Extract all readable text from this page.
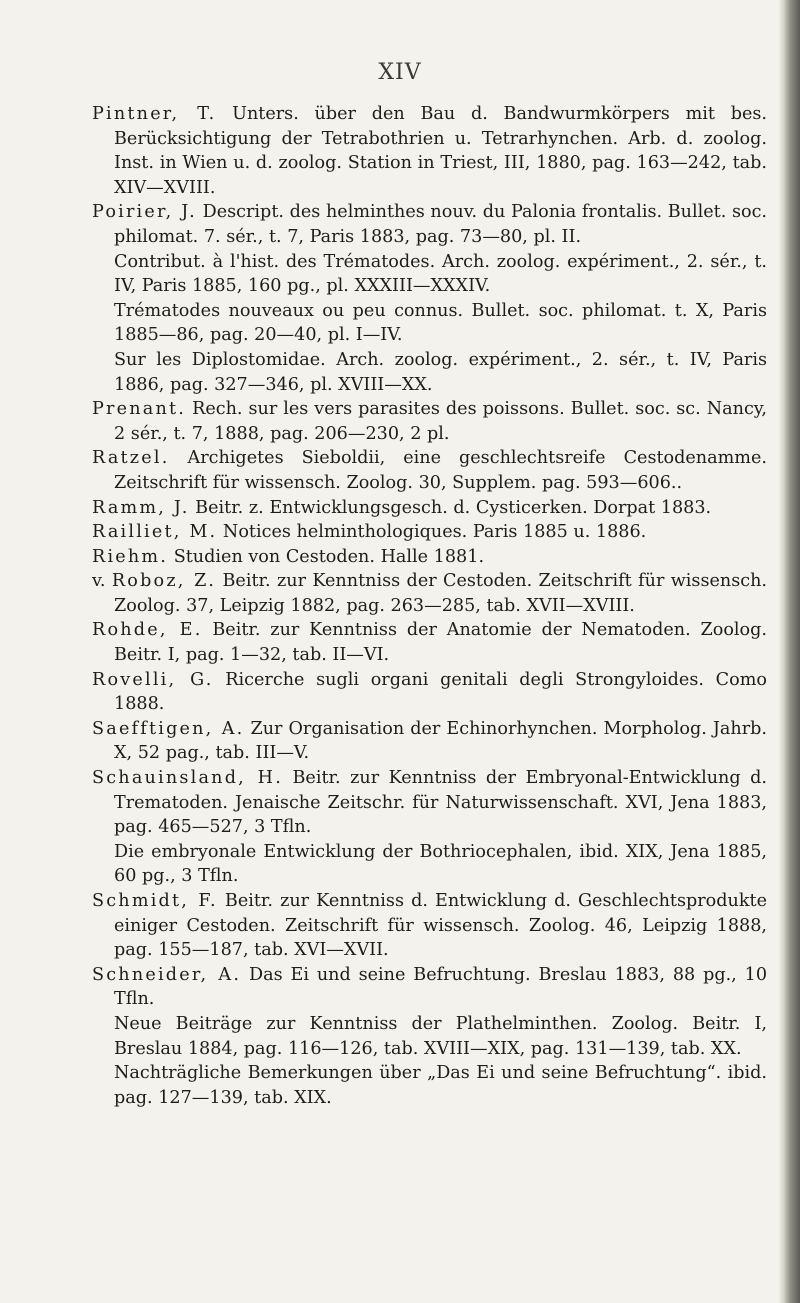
XIV

Pintner, T. Unters. über den Bau d. Bandwurmkörpers mit bes. Berücksichtigung der Tetrabothrien u. Tetrarhynchen. Arb. d. zoolog. Inst. in Wien u. d. zoolog. Station in Triest, III, 1880, pag. 163—242, tab. XIV—XVIII.

Poirier, J. Descript. des helminthes nouv. du Palonia frontalis. Bullet. soc. philomat. 7. sér., t. 7, Paris 1883, pag. 73—80, pl. II.

Contribut. à l'hist. des Trématodes. Arch. zoolog. expériment., 2. sér., t. IV, Paris 1885, 160 pg., pl. XXXIII—XXXIV.

Trématodes nouveaux ou peu connus. Bullet. soc. philomat. t. X, Paris 1885—86, pag. 20—40, pl. I—IV.

Sur les Diplostomidae. Arch. zoolog. expériment., 2. sér., t. IV, Paris 1886, pag. 327—346, pl. XVIII—XX.

Prenant. Rech. sur les vers parasites des poissons. Bullet. soc. sc. Nancy, 2 sér., t. 7, 1888, pag. 206—230, 2 pl.

Ratzel. Archigetes Sieboldii, eine geschlechtsreife Cestodenamme. Zeitschrift für wissensch. Zoolog. 30, Supplem. pag. 593—606..

Ramm, J. Beitr. z. Entwicklungsgesch. d. Cysticerken. Dorpat 1883.

Railliet, M. Notices helminthologiques. Paris 1885 u. 1886.

Riehm. Studien von Cestoden. Halle 1881.

v. Roboz, Z. Beitr. zur Kenntniss der Cestoden. Zeitschrift für wissensch. Zoolog. 37, Leipzig 1882, pag. 263—285, tab. XVII—XVIII.

Rohde, E. Beitr. zur Kenntniss der Anatomie der Nematoden. Zoolog. Beitr. I, pag. 1—32, tab. II—VI.

Rovelli, G. Ricerche sugli organi genitali degli Strongyloides. Como 1888.

Saefftigen, A. Zur Organisation der Echinorhynchen. Morpholog. Jahrb. X, 52 pag., tab. III—V.

Schauinsland, H. Beitr. zur Kenntniss der Embryonal-Entwicklung d. Trematoden. Jenaische Zeitschr. für Naturwissenschaft. XVI, Jena 1883, pag. 465—527, 3 Tfln.

Die embryonale Entwicklung der Bothriocephalen, ibid. XIX, Jena 1885, 60 pg., 3 Tfln.

Schmidt, F. Beitr. zur Kenntniss d. Entwicklung d. Geschlechtsprodukte einiger Cestoden. Zeitschrift für wissensch. Zoolog. 46, Leipzig 1888, pag. 155—187, tab. XVI—XVII.

Schneider, A. Das Ei und seine Befruchtung. Breslau 1883, 88 pg., 10 Tfln.

Neue Beiträge zur Kenntniss der Plathelminthen. Zoolog. Beitr. I, Breslau 1884, pag. 116—126, tab. XVIII—XIX, pag. 131—139, tab. XX.

Nachträgliche Bemerkungen über „Das Ei und seine Befruchtung“. ibid. pag. 127—139, tab. XIX.
